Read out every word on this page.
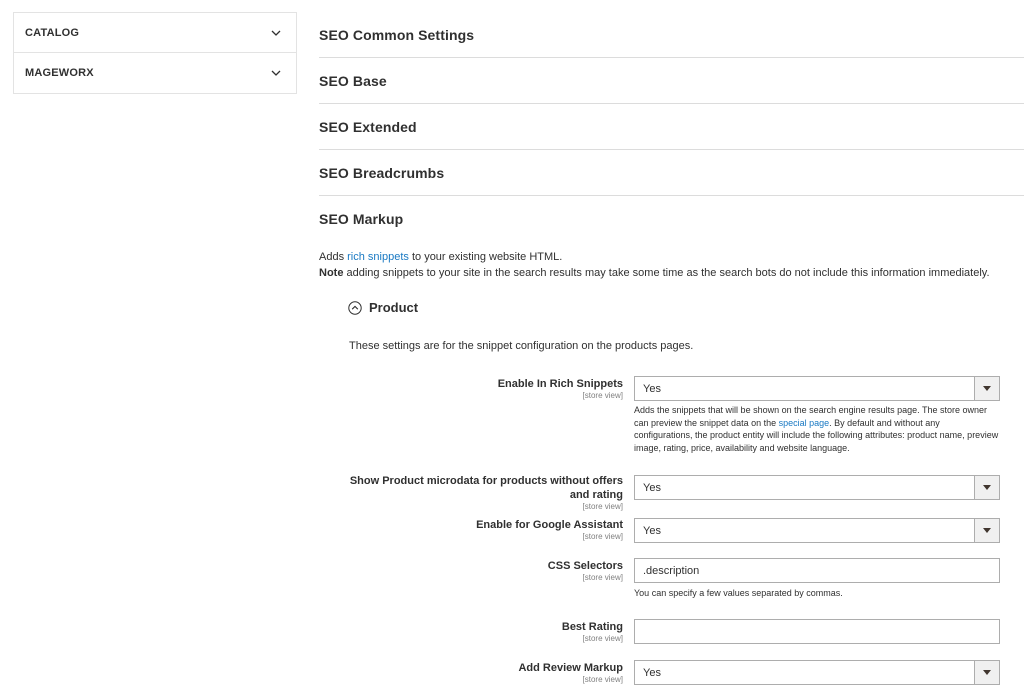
CATALOG
MAGEWORX
SEO Common Settings
SEO Base
SEO Extended
SEO Breadcrumbs
SEO Markup
Adds rich snippets to your existing website HTML.
Note adding snippets to your site in the search results may take some time as the search bots do not include this information immediately.
Product
These settings are for the snippet configuration on the products pages.
Enable In Rich Snippets
[store view]
Yes
Adds the snippets that will be shown on the search engine results page. The store owner can preview the snippet data on the special page. By default and without any configurations, the product entity will include the following attributes: product name, preview image, rating, price, availability and website language.
Show Product microdata for products without offers and rating
[store view]
Yes
Enable for Google Assistant
[store view] Yes
CSS Selectors
[store view]
.description
You can specify a few values separated by commas.
Best Rating
[store view]
Add Review Markup
[store view]
Yes
